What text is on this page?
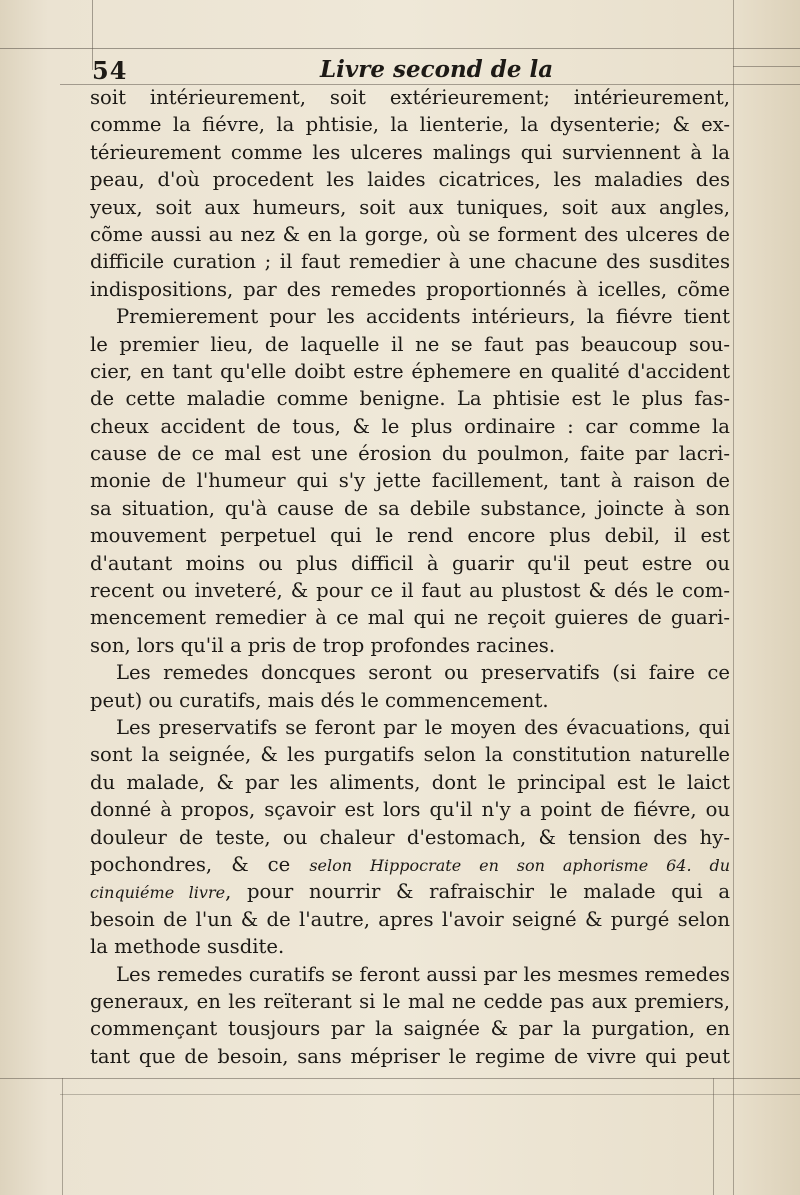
54	Livre second de la
soit intérieurement, soit extérieurement; intérieurement,
comme la fiévre, la phtisie, la lienterie, la dysenterie; & ex-
térieurement comme les ulceres malings qui surviennent à la
peau, d'où procedent les laides cicatrices, les maladies des
yeux, soit aux humeurs, soit aux tuniques, soit aux angles,
cõme aussi au nez & en la gorge, où se forment des ulceres de
difficile curation ; il faut remedier à une chacune des susdites
indispositions, par des remedes proportionnés à icelles, cõme
Premierement pour les accidents intérieurs, la fiévre tient
le premier lieu, de laquelle il ne se faut pas beaucoup sou-
cier, en tant qu'elle doibt estre éphemere en qualité d'accident
de cette maladie comme benigne. La phtisie est le plus fas-
cheux accident de tous, & le plus ordinaire : car comme la
cause de ce mal est une érosion du poulmon, faite par lacri-
monie de l'humeur qui s'y jette facillement, tant à raison de
sa situation, qu'à cause de sa debile substance, joincte à son
mouvement perpetuel qui le rend encore plus debil, il est
d'autant moins ou plus difficil à guarir qu'il peut estre ou
recent ou inveteré, & pour ce il faut au plustost & dés le com-
mencement remedier à ce mal qui ne reçoit guieres de guari-
son, lors qu'il a pris de trop profondes racines.
Les remedes doncques seront ou preservatifs (si faire ce
peut) ou curatifs, mais dés le commencement.
Les preservatifs se feront par le moyen des évacuations, qui
sont la seignée, & les purgatifs selon la constitution naturelle
du malade, & par les aliments, dont le principal est le laict
donné à propos, sçavoir est lors qu'il n'y a point de fiévre, ou
douleur de teste, ou chaleur d'estomach, & tension des hy-
pochondres, & ce selon Hippocrate en son aphorisme 64. du
cinquiéme livre, pour nourrir & rafraischir le malade qui a
besoin de l'un & de l'autre, apres l'avoir seigné & purgé selon
la methode susdite.
Les remedes curatifs se feront aussi par les mesmes remedes
generaux, en les reïterant si le mal ne cedde pas aux premiers,
commençant tousjours par la saignée & par la purgation, en
tant que de besoin, sans mépriser le regime de vivre qui peut
